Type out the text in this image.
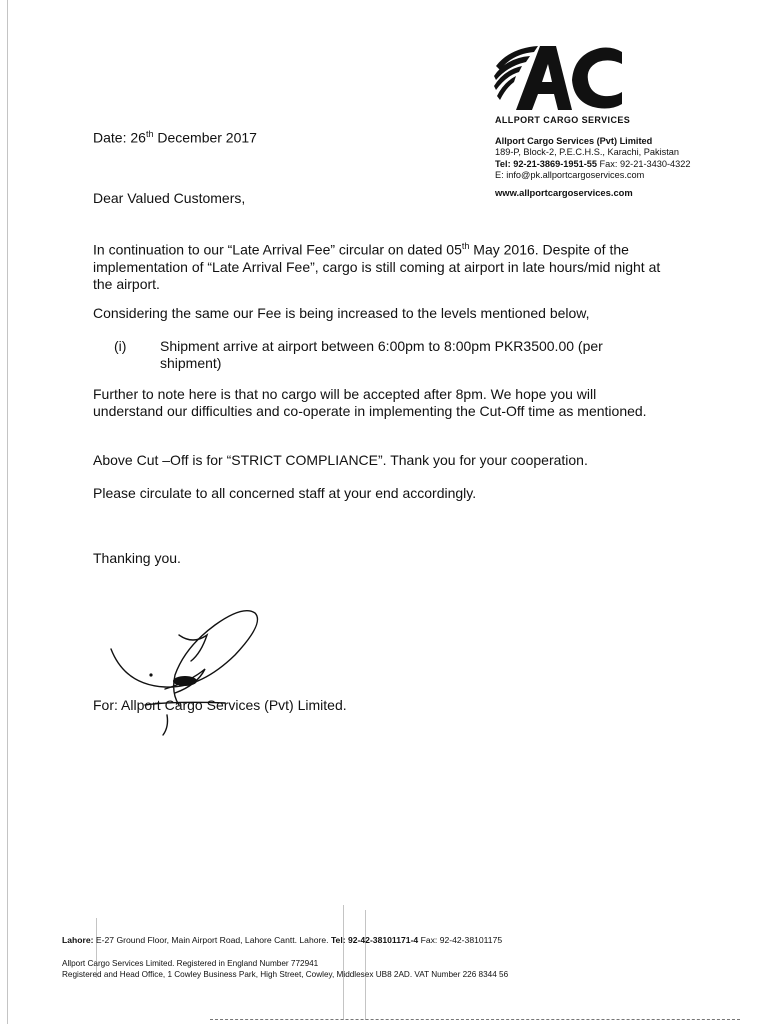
ALLPORT CARGO SERVICES
Allport Cargo Services (Pvt) Limited
189-P, Block-2, P.E.C.H.S., Karachi, Pakistan
Tel: 92-21-3869-1951-55 Fax: 92-21-3430-4322
E: info@pk.allportcargoservices.com
www.allportcargoservices.com
Date: 26th December 2017
Dear Valued Customers,
In continuation to our “Late Arrival Fee” circular on dated 05th May 2016. Despite of the implementation of “Late Arrival Fee”, cargo is still coming at airport in late hours/mid night at the airport.
Considering the same our Fee is being increased to the levels mentioned below,
(i) Shipment arrive at airport between 6:00pm to 8:00pm PKR3500.00 (per shipment)
Further to note here is that no cargo will be accepted after 8pm. We hope you will understand our difficulties and co-operate in implementing the Cut-Off time as mentioned.
Above Cut –Off is for “STRICT COMPLIANCE”. Thank you for your cooperation.
Please circulate to all concerned staff at your end accordingly.
Thanking you.
For: Allport Cargo Services (Pvt) Limited.
Lahore: E-27 Ground Floor, Main Airport Road, Lahore Cantt. Lahore. Tel: 92-42-38101171-4 Fax: 92-42-38101175
Allport Cargo Services Limited. Registered in England Number 772941
Registered and Head Office, 1 Cowley Business Park, High Street, Cowley, Middlesex UB8 2AD. VAT Number 226 8344 56
